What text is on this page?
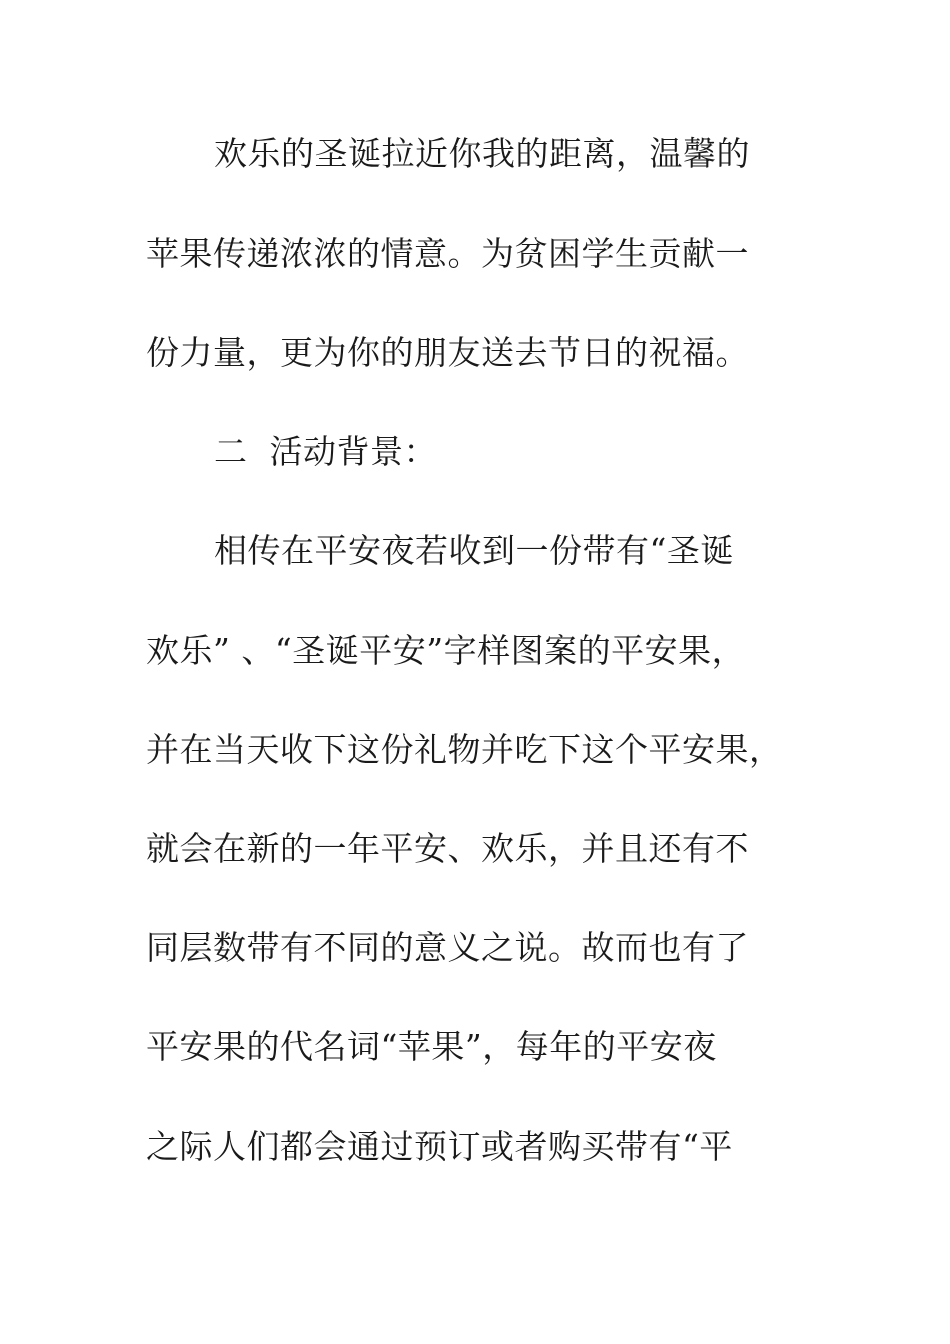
欢乐的圣诞拉近你我的距离，温馨的
苹果传递浓浓的情意。为贫困学生贡献一
份力量，更为你的朋友送去节日的祝福。
二  活动背景：
相传在平安夜若收到一份带有“圣诞
欢乐” 、“圣诞平安”字样图案的平安果，
并在当天收下这份礼物并吃下这个平安果，
就会在新的一年平安、欢乐，并且还有不
同层数带有不同的意义之说。故而也有了
平安果的代名词“苹果”，每年的平安夜
之际人们都会通过预订或者购买带有“平
